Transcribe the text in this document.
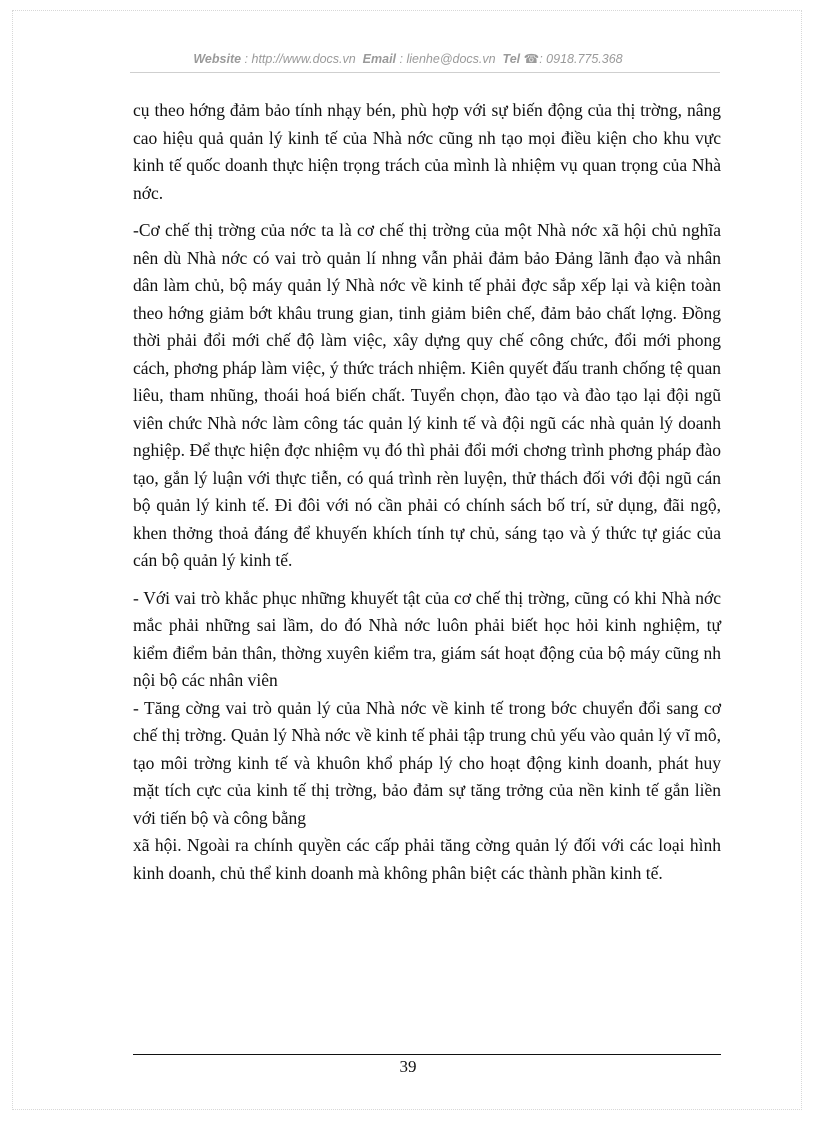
Website : http://www.docs.vn Email : lienhe@docs.vn Tel ☎: 0918.775.368

cụ theo hớng đảm bảo tính nhạy bén, phù hợp với sự biến động của thị trờng, nâng cao hiệu quả quản lý kinh tế của Nhà nớc cũng nh tạo mọi điều kiện cho khu vực kinh tế quốc doanh thực hiện trọng trách của mình là nhiệm vụ quan trọng của Nhà nớc.

-Cơ chế thị trờng của nớc ta là cơ chế thị trờng của một Nhà nớc xã hội chủ nghĩa nên dù Nhà nớc có vai trò quản lí nhng vẫn phải đảm bảo Đảng lãnh đạo và nhân dân làm chủ, bộ máy quản lý Nhà nớc về kinh tế phải đợc sắp xếp lại và kiện toàn theo hớng giảm bớt khâu trung gian, tinh giảm biên chế, đảm bảo chất lợng. Đồng thời phải đổi mới chế độ làm việc, xây dựng quy chế công chức, đổi mới phong cách, phơng pháp làm việc, ý thức trách nhiệm. Kiên quyết đấu tranh chống tệ quan liêu, tham nhũng, thoái hoá biến chất. Tuyển chọn, đào tạo và đào tạo lại đội ngũ viên chức Nhà nớc làm công tác quản lý kinh tế và đội ngũ các nhà quản lý doanh nghiệp. Để thực hiện đợc nhiệm vụ đó thì phải đổi mới chơng trình phơng pháp đào tạo, gắn lý luận với thực tiễn, có quá trình rèn luyện, thử thách đối với đội ngũ cán bộ quản lý kinh tế. Đi đôi với nó cần phải có chính sách bố trí, sử dụng, đãi ngộ, khen thởng thoả đáng để khuyến khích tính tự chủ, sáng tạo và ý thức tự giác của cán bộ quản lý kinh tế.

- Với vai trò khắc phục những khuyết tật của cơ chế thị trờng, cũng có khi Nhà nớc mắc phải những sai lầm, do đó Nhà nớc luôn phải biết học hỏi kinh nghiệm, tự kiểm điểm bản thân, thờng xuyên kiểm tra, giám sát hoạt động của bộ máy cũng nh nội bộ các nhân viên

- Tăng cờng vai trò quản lý của Nhà nớc về kinh tế trong bớc chuyển đổi sang cơ chế thị trờng. Quản lý Nhà nớc về kinh tế phải tập trung chủ yếu vào quản lý vĩ mô, tạo môi trờng kinh tế và khuôn khổ pháp lý cho hoạt động kinh doanh, phát huy mặt tích cực của kinh tế thị trờng, bảo đảm sự tăng trởng của nền kinh tế gắn liền với tiến bộ và công bằng

xã hội. Ngoài ra chính quyền các cấp phải tăng cờng quản lý đối với các loại hình kinh doanh, chủ thể kinh doanh mà không phân biệt các thành phần kinh tế.

39
